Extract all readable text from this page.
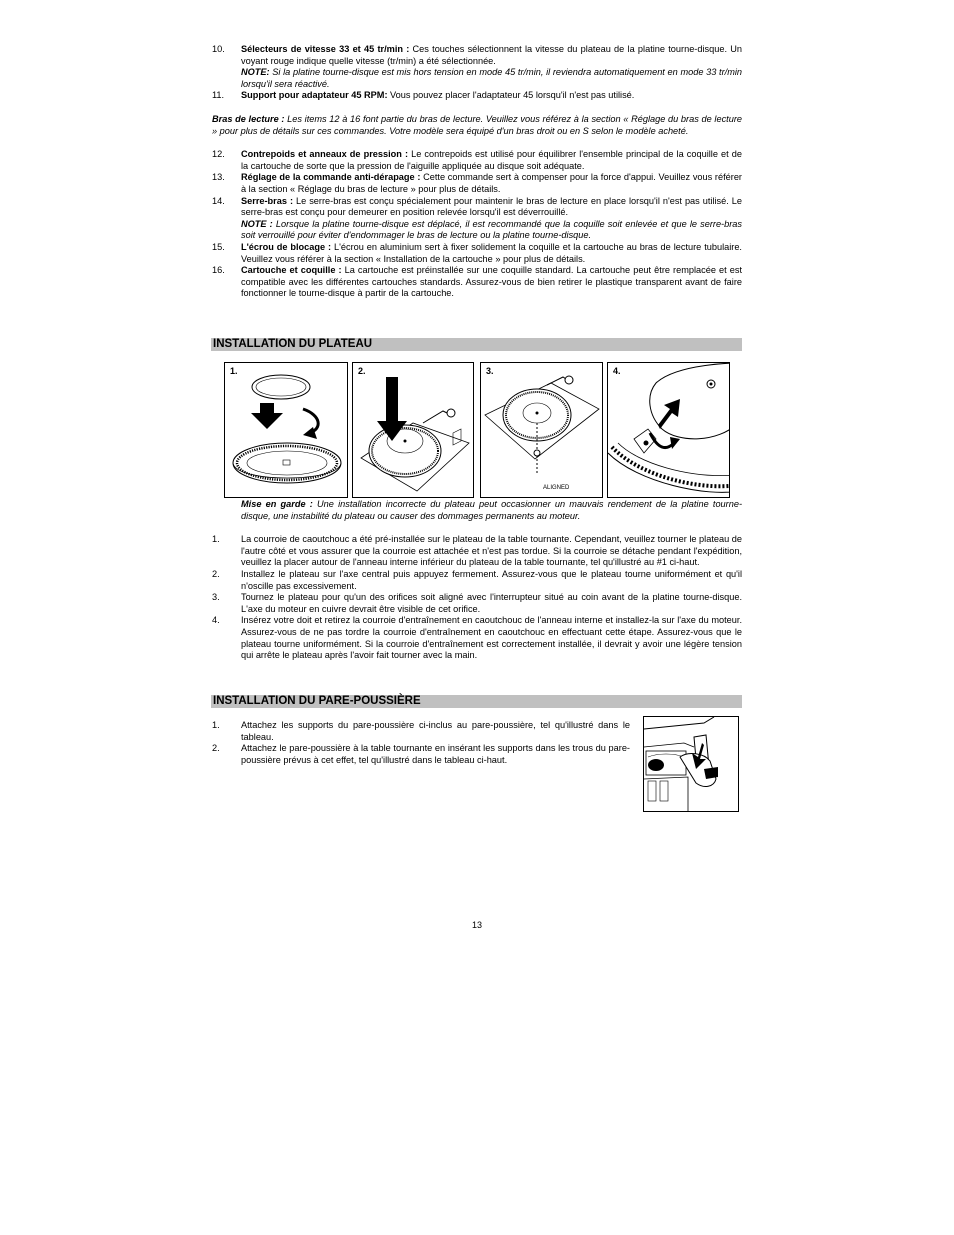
10. Sélecteurs de vitesse 33 et 45 tr/min : Ces touches sélectionnent la vitesse du plateau de la platine tourne-disque. Un voyant rouge indique quelle vitesse (tr/min) a été sélectionnée.
NOTE: Si la platine tourne-disque est mis hors tension en mode 45 tr/min, il reviendra automatiquement en mode 33 tr/min lorsqu'il sera réactivé.
11. Support pour adaptateur 45 RPM: Vous pouvez placer l'adaptateur 45 lorsqu'il n'est pas utilisé.
Bras de lecture : Les items 12 à 16 font partie du bras de lecture. Veuillez vous référez à la section « Réglage du bras de lecture » pour plus de détails sur ces commandes. Votre modèle sera équipé d'un bras droit ou en S selon le modèle acheté.
12. Contrepoids et anneaux de pression : Le contrepoids est utilisé pour équilibrer l'ensemble principal de la coquille et de la cartouche de sorte que la pression de l'aiguille appliquée au disque soit adéquate.
13. Réglage de la commande anti-dérapage : Cette commande sert à compenser pour la force d'appui. Veuillez vous référer à la section « Réglage du bras de lecture » pour plus de détails.
14. Serre-bras : Le serre-bras est conçu spécialement pour maintenir le bras de lecture en place lorsqu'il n'est pas utilisé. Le serre-bras est conçu pour demeurer en position relevée lorsqu'il est déverrouillé.
NOTE : Lorsque la platine tourne-disque est déplacé, il est recommandé que la coquille soit enlevée et que le serre-bras soit verrouillé pour éviter d'endommager le bras de lecture ou la platine tourne-disque.
15. L'écrou de blocage : L'écrou en aluminium sert à fixer solidement la coquille et la cartouche au bras de lecture tubulaire. Veuillez vous référer à la section « Installation de la cartouche » pour plus de détails.
16. Cartouche et coquille : La cartouche est préinstallée sur une coquille standard. La cartouche peut être remplacée et est compatible avec les différentes cartouches standards. Assurez-vous de bien retirer le plastique transparent avant de faire fonctionner le tourne-disque à partir de la cartouche.
INSTALLATION DU PLATEAU
1.	2.	3.
ALIGNED
4.
Mise en garde : Une installation incorrecte du plateau peut occasionner un mauvais rendement de la platine tourne-disque, une instabilité du plateau ou causer des dommages permanents au moteur.
1. La courroie de caoutchouc a été pré-installée sur le plateau de la table tournante. Cependant, veuillez tourner le plateau de l'autre côté et vous assurer que la courroie est attachée et n'est pas tordue. Si la courroie se détache pendant l'expédition, veuillez la placer autour de l'anneau interne inférieur du plateau de la table tournante, tel qu'illustré au #1 ci-haut.
2. Installez le plateau sur l'axe central puis appuyez fermement. Assurez-vous que le plateau tourne uniformément et qu'il n'oscille pas excessivement.
3. Tournez le plateau pour qu'un des orifices soit aligné avec l'interrupteur situé au coin avant de la platine tourne-disque. L'axe du moteur en cuivre devrait être visible de cet orifice.
4. Insérez votre doit et retirez la courroie d'entraînement en caoutchouc de l'anneau interne et installez-la sur l'axe du moteur. Assurez-vous de ne pas tordre la courroie d'entraînement en caoutchouc en effectuant cette étape. Assurez-vous que le plateau tourne uniformément. Si la courroie d'entraînement est correctement installée, il devrait y avoir une légère tension qui arrête le plateau après l'avoir fait tourner avec la main.
INSTALLATION DU PARE-POUSSIÈRE
1. Attachez les supports du pare-poussière ci-inclus au pare-poussière, tel qu'illustré dans le tableau.
2. Attachez le pare-poussière à la table tournante en insérant les supports dans les trous du pare-poussière prévus à cet effet, tel qu'illustré dans le tableau ci-haut.
13
